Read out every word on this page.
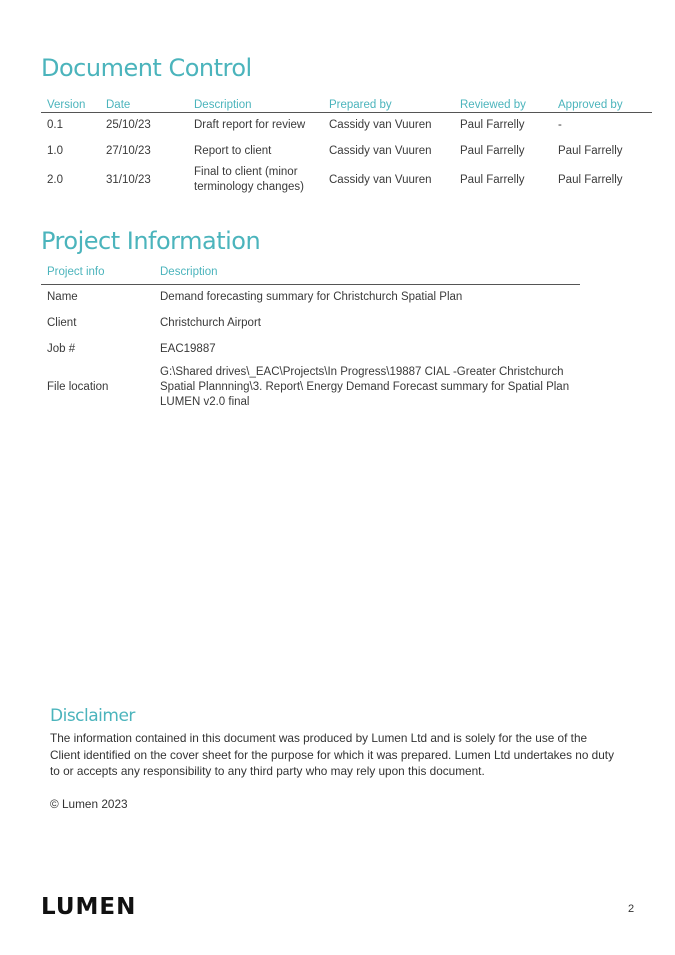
Document Control
Version	Date	Description	Prepared by	Reviewed by	Approved by
0.1	25/10/23	Draft report for review	Cassidy van Vuuren	Paul Farrelly	-
1.0	27/10/23	Report to client	Cassidy van Vuuren	Paul Farrelly	Paul Farrelly
2.0	31/10/23	Final to client (minor terminology changes)	Cassidy van Vuuren	Paul Farrelly	Paul Farrelly
Project Information
Project info	Description
Name	Demand forecasting summary for Christchurch Spatial Plan
Client	Christchurch Airport
Job #	EAC19887
File location	G:\Shared drives\_EAC\Projects\In Progress\19887 CIAL -Greater Christchurch Spatial Plannning\3. Report\ Energy Demand Forecast summary for Spatial Plan LUMEN v2.0 final
Disclaimer

The information contained in this document was produced by Lumen Ltd and is solely for the use of the Client identified on the cover sheet for the purpose for which it was prepared. Lumen Ltd undertakes no duty to or accepts any responsibility to any third party who may rely upon this document.

© Lumen 2023

LUMEN	2
